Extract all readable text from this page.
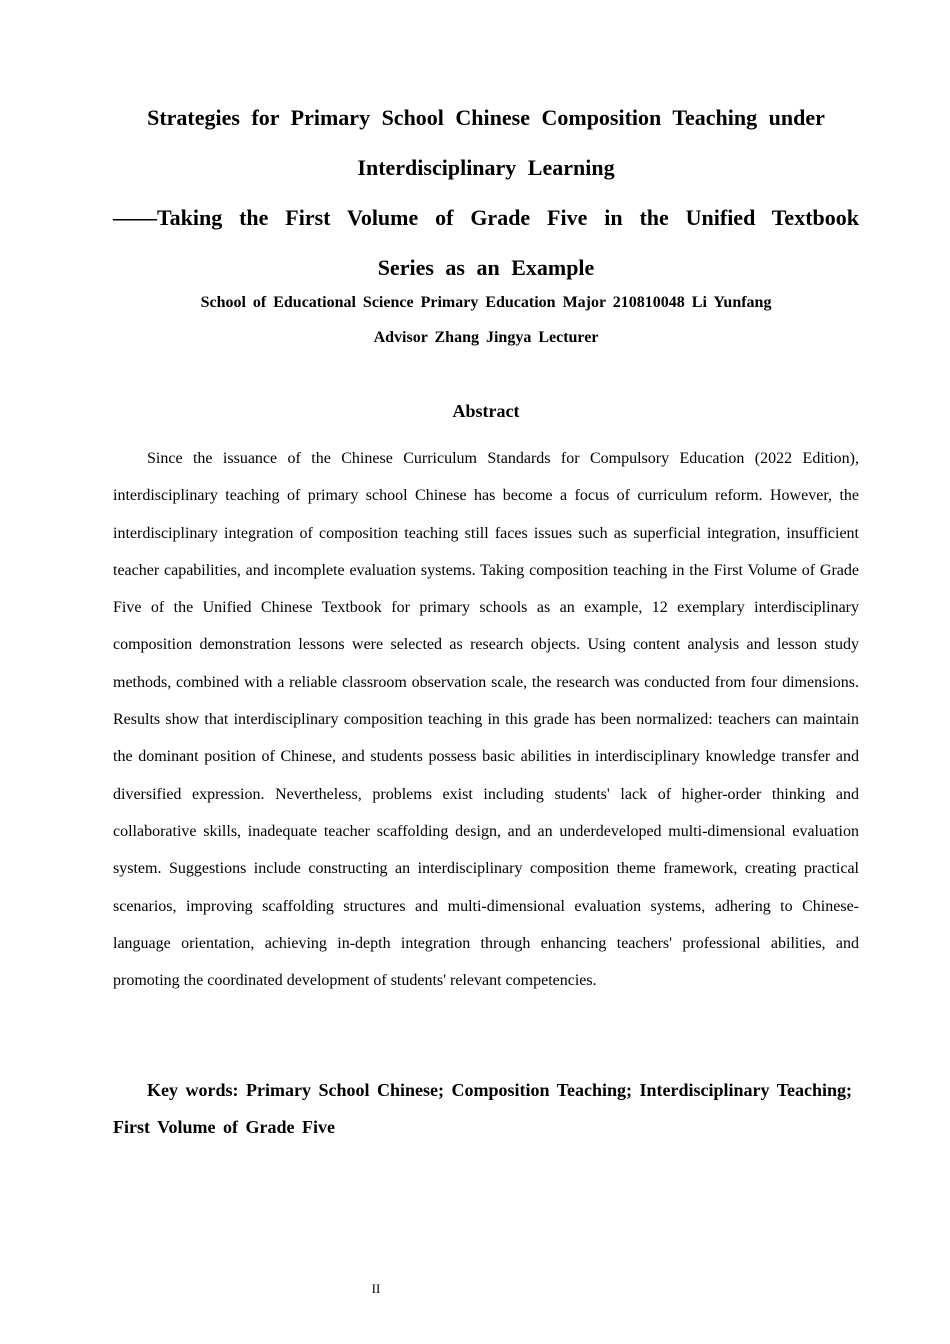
Strategies for Primary School Chinese Composition Teaching under
Interdisciplinary Learning
——Taking the First Volume of Grade Five in the Unified Textbook
Series as an Example
School of Educational Science Primary Education Major 210810048 Li Yunfang
Advisor Zhang Jingya Lecturer
Abstract

Since the issuance of the Chinese Curriculum Standards for Compulsory Education (2022 Edition), interdisciplinary teaching of primary school Chinese has become a focus of curriculum reform. However, the interdisciplinary integration of composition teaching still faces issues such as superficial integration, insufficient teacher capabilities, and incomplete evaluation systems. Taking composition teaching in the First Volume of Grade Five of the Unified Chinese Textbook for primary schools as an example, 12 exemplary interdisciplinary composition demonstration lessons were selected as research objects. Using content analysis and lesson study methods, combined with a reliable classroom observation scale, the research was conducted from four dimensions. Results show that interdisciplinary composition teaching in this grade has been normalized: teachers can maintain the dominant position of Chinese, and students possess basic abilities in interdisciplinary knowledge transfer and diversified expression. Nevertheless, problems exist including students' lack of higher-order thinking and collaborative skills, inadequate teacher scaffolding design, and an underdeveloped multi-dimensional evaluation system. Suggestions include constructing an interdisciplinary composition theme framework, creating practical scenarios, improving scaffolding structures and multi-dimensional evaluation systems, adhering to Chinese-language orientation, achieving in-depth integration through enhancing teachers' professional abilities, and promoting the coordinated development of students' relevant competencies.

Key words: Primary School Chinese; Composition Teaching; Interdisciplinary Teaching; First Volume of Grade Five

II
